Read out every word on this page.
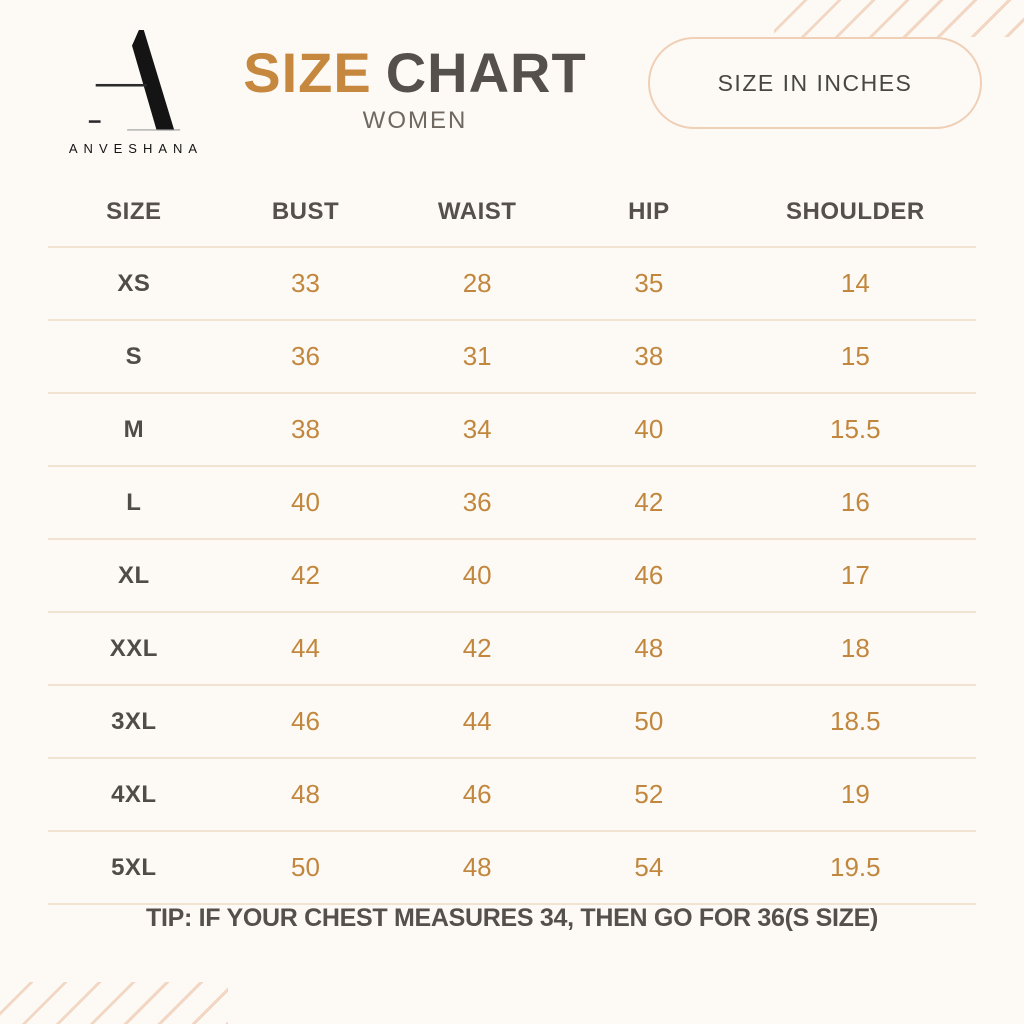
ANVESHANA
SIZE CHART
WOMEN
SIZE IN INCHES
SIZE	BUST	WAIST	HIP	SHOULDER
XS	33	28	35	14
S	36	31	38	15
M	38	34	40	15.5
L	40	36	42	16
XL	42	40	46	17
XXL	44	42	48	18
3XL	46	44	50	18.5
4XL	48	46	52	19
5XL	50	48	54	19.5
TIP: IF YOUR CHEST MEASURES 34, THEN GO FOR 36(S SIZE)
